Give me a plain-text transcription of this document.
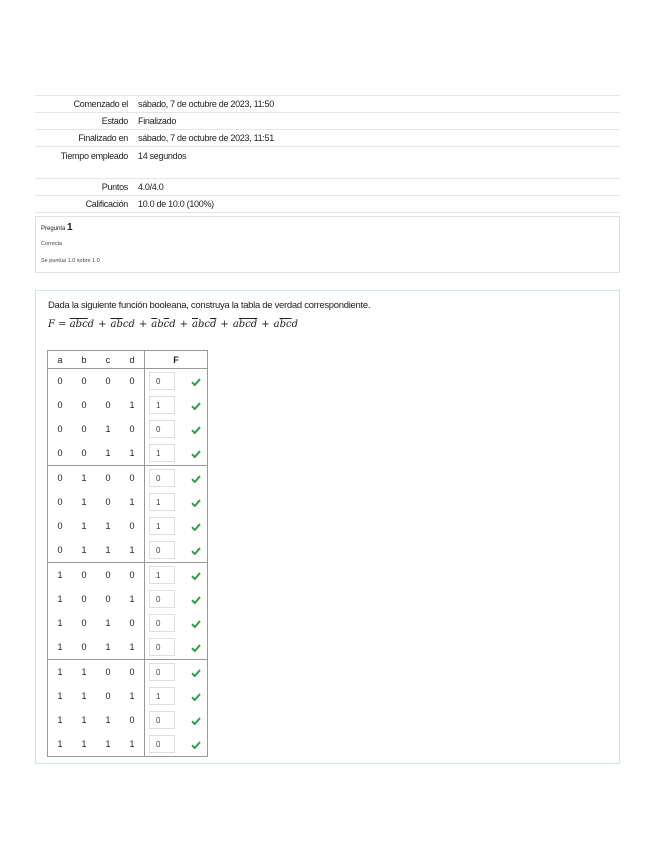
Comenzado el	sábado, 7 de octubre de 2023, 11:50
Estado	Finalizado
Finalizado en	sábado, 7 de octubre de 2023, 11:51
Tiempo empleado	14 segundos
Puntos	4.0/4.0
Calificación	10.0 de 10.0 (100%)
Pregunta 1
Correcta
Se puntúa 1.0 sobre 1.0
Dada la siguiente función booleana, construya la tabla de verdad correspondiente.
$F = \overline{a}\overline{b}\overline{c}d + \overline{a}\overline{b}cd + \overline{a}b\overline{c}d + \overline{a}bc\overline{d} + a\overline{b}\overline{c}\overline{d} + a\overline{b}\overline{c}d$
a	b	c	d	F	
0	0	0	0	0	
0	0	0	1	1	
0	0	1	0	0	
0	0	1	1	1	
0	1	0	0	0	
0	1	0	1	1	
0	1	1	0	1	
0	1	1	1	0	
1	0	0	0	1	
1	0	0	1	0	
1	0	1	0	0	
1	0	1	1	0	
1	1	0	0	0	
1	1	0	1	1	
1	1	1	0	0	
1	1	1	1	0	
